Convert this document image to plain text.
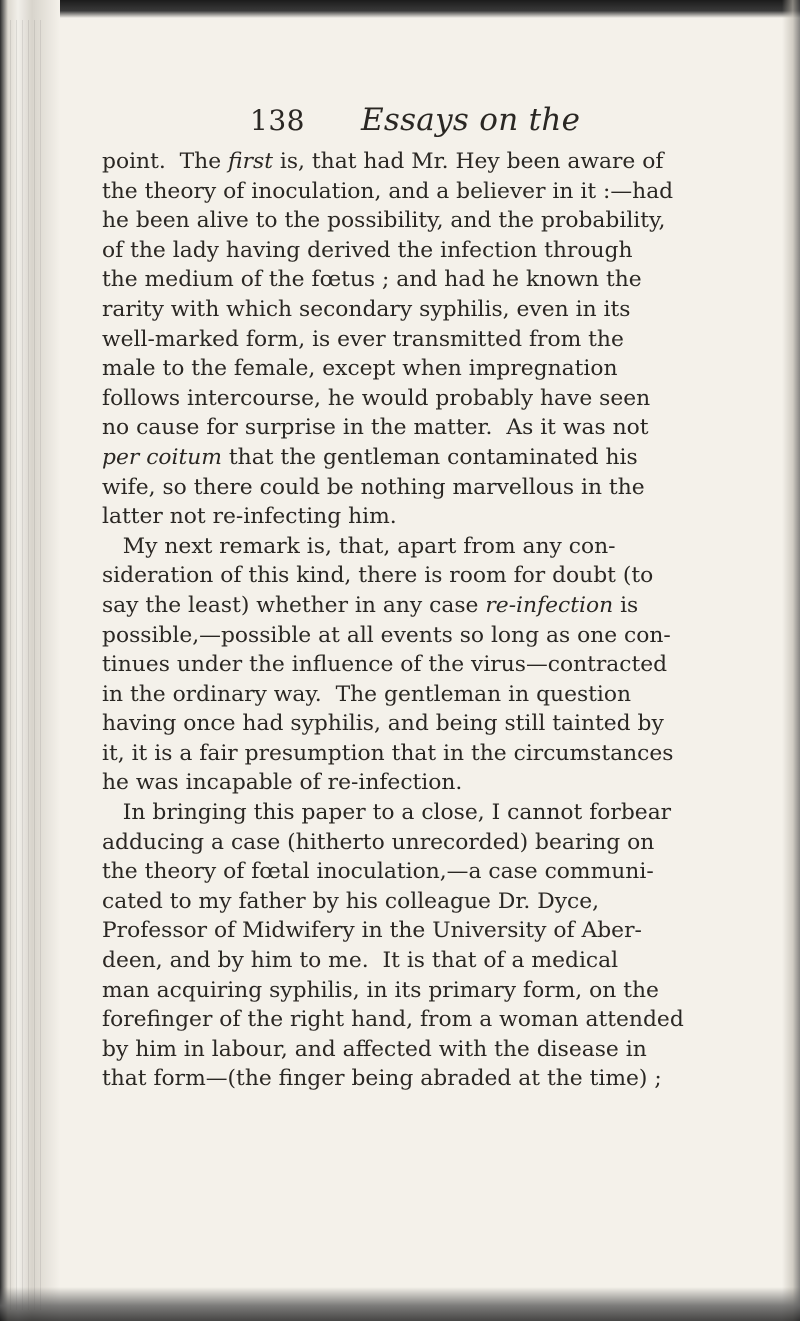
138 Essays on the
point.  The first is, that had Mr. Hey been aware of
the theory of inoculation, and a believer in it :—had
he been alive to the possibility, and the probability,
of the lady having derived the infection through
the medium of the fœtus ; and had he known the
rarity with which secondary syphilis, even in its
well-marked form, is ever transmitted from the
male to the female, except when impregnation
follows intercourse, he would probably have seen
no cause for surprise in the matter.  As it was not
per coitum that the gentleman contaminated his
wife, so there could be nothing marvellous in the
latter not re-infecting him.
My next remark is, that, apart from any con-
sideration of this kind, there is room for doubt (to
say the least) whether in any case re-infection is
possible,—possible at all events so long as one con-
tinues under the influence of the virus—contracted
in the ordinary way.  The gentleman in question
having once had syphilis, and being still tainted by
it, it is a fair presumption that in the circumstances
he was incapable of re-infection.
In bringing this paper to a close, I cannot forbear
adducing a case (hitherto unrecorded) bearing on
the theory of fœtal inoculation,—a case communi-
cated to my father by his colleague Dr. Dyce,
Professor of Midwifery in the University of Aber-
deen, and by him to me.  It is that of a medical
man acquiring syphilis, in its primary form, on the
forefinger of the right hand, from a woman attended
by him in labour, and affected with the disease in
that form—(the finger being abraded at the time) ;
